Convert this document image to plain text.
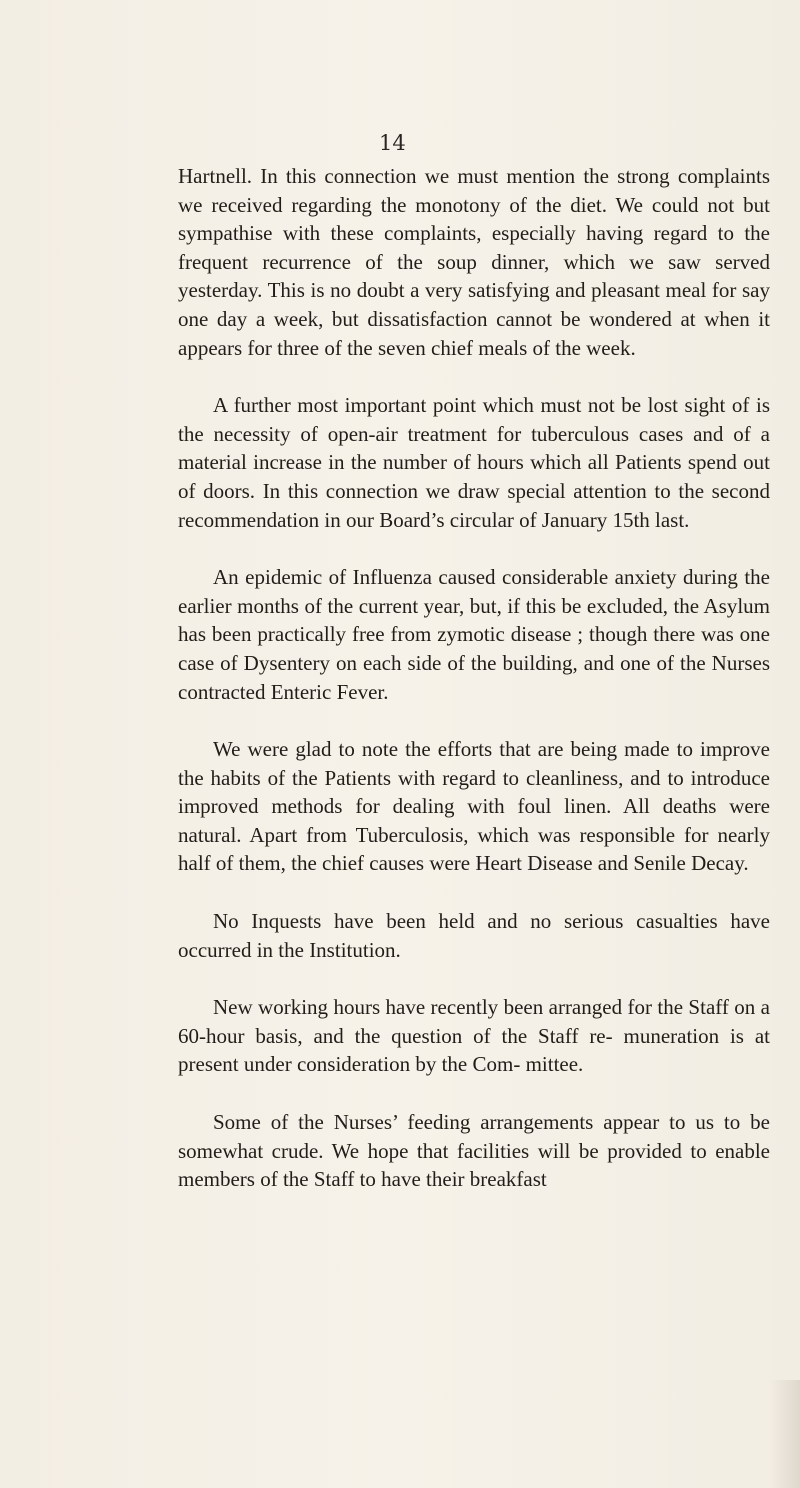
14

Hartnell. In this connection we must mention the strong complaints we received regarding the monotony of the diet. We could not but sympathise with these complaints, especially having regard to the frequent recurrence of the soup dinner, which we saw served yesterday. This is no doubt a very satisfying and pleasant meal for say one day a week, but dissatisfaction cannot be wondered at when it appears for three of the seven chief meals of the week.

A further most important point which must not be lost sight of is the necessity of open-air treatment for tuberculous cases and of a material increase in the number of hours which all Patients spend out of doors. In this connection we draw special attention to the second recommendation in our Board’s circular of January 15th last.

An epidemic of Influenza caused considerable anxiety during the earlier months of the current year, but, if this be excluded, the Asylum has been practically free from zymotic disease ; though there was one case of Dysentery on each side of the building, and one of the Nurses contracted Enteric Fever.

We were glad to note the efforts that are being made to improve the habits of the Patients with regard to cleanliness, and to introduce improved methods for dealing with foul linen. All deaths were natural. Apart from Tuberculosis, which was responsible for nearly half of them, the chief causes were Heart Disease and Senile Decay.

No Inquests have been held and no serious casualties have occurred in the Institution.

New working hours have recently been arranged for the Staff on a 60-hour basis, and the question of the Staff re- muneration is at present under consideration by the Com- mittee.

Some of the Nurses’ feeding arrangements appear to us to be somewhat crude. We hope that facilities will be provided to enable members of the Staff to have their breakfast
